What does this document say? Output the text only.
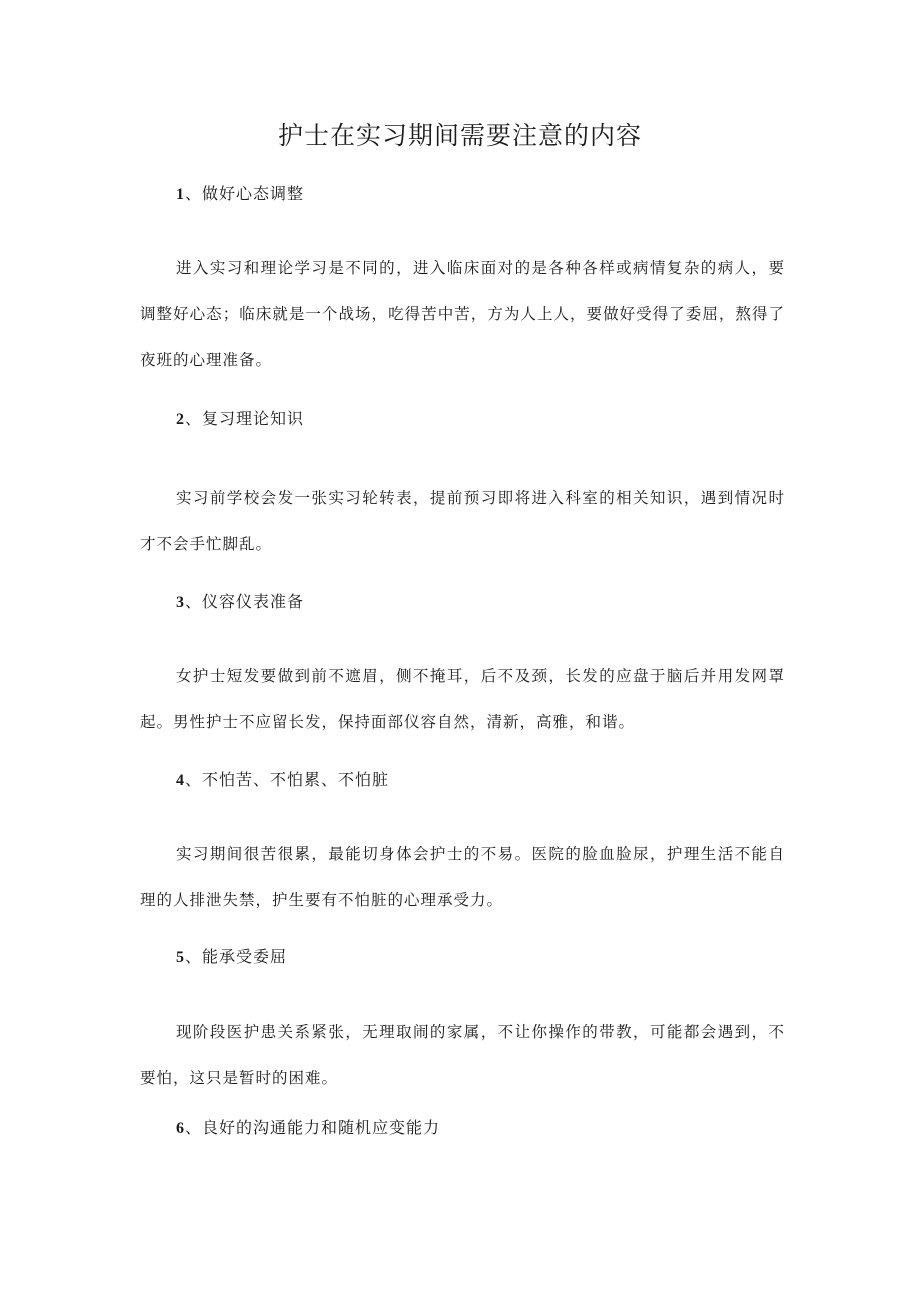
护士在实习期间需要注意的内容
1、做好心态调整
进入实习和理论学习是不同的，进入临床面对的是各种各样或病情复杂的病人，要调整好心态；临床就是一个战场，吃得苦中苦，方为人上人，要做好受得了委屈，熬得了夜班的心理准备。
2、复习理论知识
实习前学校会发一张实习轮转表，提前预习即将进入科室的相关知识，遇到情况时才不会手忙脚乱。
3、仪容仪表准备
女护士短发要做到前不遮眉，侧不掩耳，后不及颈，长发的应盘于脑后并用发网罩起。男性护士不应留长发，保持面部仪容自然，清新，高雅，和谐。
4、不怕苦、不怕累、不怕脏
实习期间很苦很累，最能切身体会护士的不易。医院的脸血脸尿，护理生活不能自理的人排泄失禁，护生要有不怕脏的心理承受力。
5、能承受委屈
现阶段医护患关系紧张，无理取闹的家属，不让你操作的带教，可能都会遇到，不要怕，这只是暂时的困难。
6、良好的沟通能力和随机应变能力
